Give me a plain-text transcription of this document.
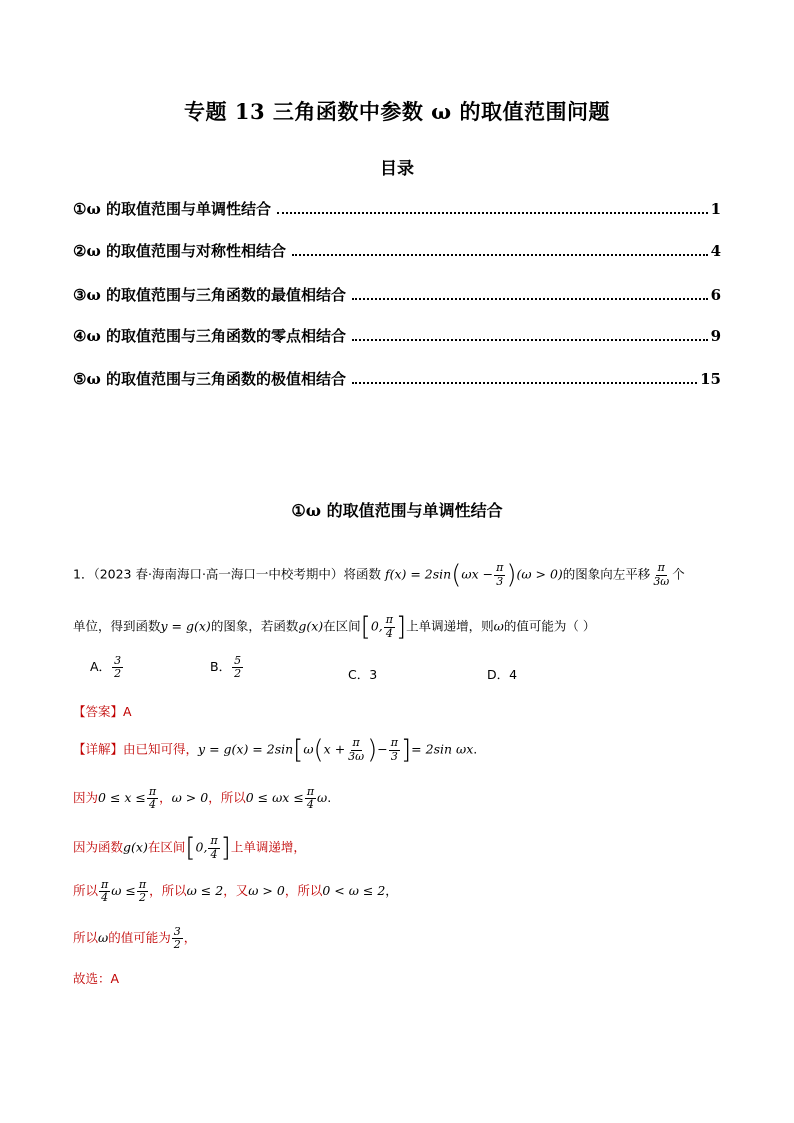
专题 13 三角函数中参数 ω 的取值范围问题
目录
①ω 的取值范围与单调性结合	1
②ω 的取值范围与对称性相结合	4
③ω 的取值范围与三角函数的最值相结合	6
④ω 的取值范围与三角函数的零点相结合	9
⑤ω 的取值范围与三角函数的极值相结合	15
①ω 的取值范围与单调性结合
1．（2023 春·海南海口·高一海口一中校考期中）将函数 $f(x) = 2\sin(\omega x - \frac{\pi}{3} )(\omega > 0)$的图象向左平移 $\frac{\pi}{3\omega}$ 个
单位，得到函数y = g(x)的图象，若函数g(x)在区间[0, $\frac{\pi}{4}$ ]上单调递增，则ω的值可能为（ ）
A． $\frac{3}{2}$	B． $\frac{5}{2}$	C．3	D．4
【答案】A
【详解】由已知可得，$y = g(x) = 2\sin[\omega(x + \frac{\pi}{3\omega}$ )− $\frac{\pi}{3}$ ]= 2sin ωx.
因为$0 \le x \le \frac{\pi}{4}$ ，ω > 0，所以$0 \le \omega x \le \frac{\pi}{4} \omega$.
因为函数g(x)在区间[0, $\frac{\pi}{4}$ ]上单调递增，
所以 $\frac{\pi}{4}$ $\omega \le \frac{\pi}{2}$ ，所以ω ≤ 2，又ω > 0，所以0 < ω ≤ 2，
所以ω的值可能为 $\frac{3}{2}$ ，
故选：A
